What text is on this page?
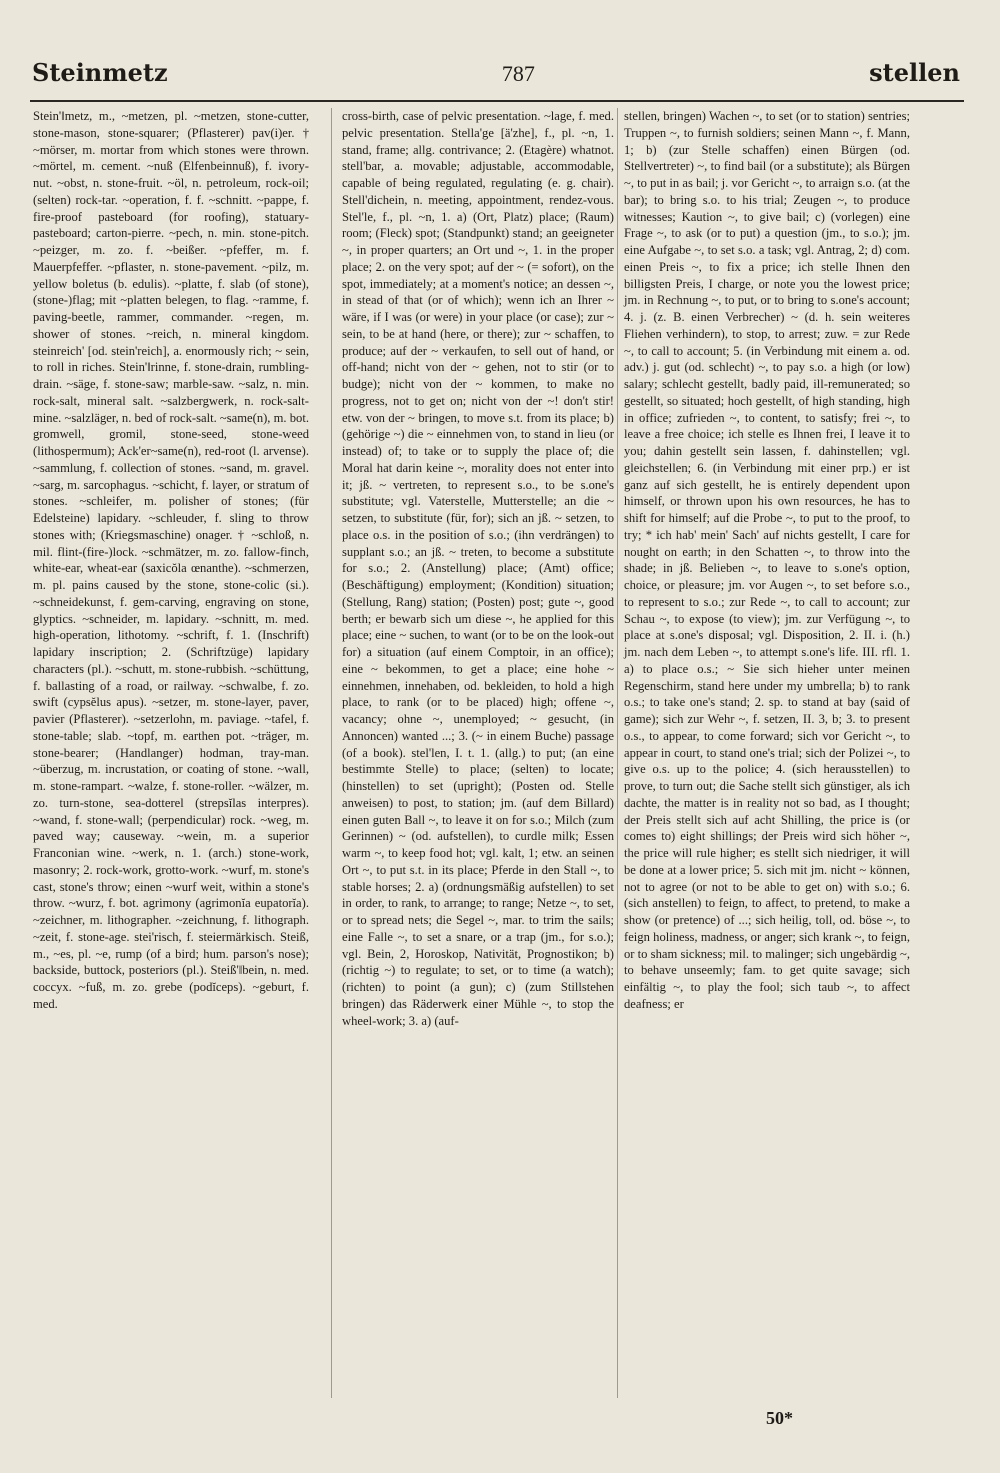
Steinmetz	787	stellen

Stein'‖metz, m., ~metzen, pl. ~metzen, stone-cutter, stone-mason, stone-squarer; (Pflasterer) pav(i)er. † ~mörser, m. mortar from which stones were thrown. ~mörtel, m. cement. ~nuß (Elfenbeinnuß), f. ivory-nut. ~obst, n. stone-fruit. ~öl, n. petroleum, rock-oil; (selten) rock-tar. ~operation, f. f. ~schnitt. ~pappe, f. fire-proof pasteboard (for roofing), statuary-pasteboard; carton-pierre. ~pech, n. min. stone-pitch. ~peizger, m. zo. f. ~beißer. ~pfeffer, m. f. Mauerpfeffer. ~pflaster, n. stone-pavement. ~pilz, m. yellow boletus (b. edulis). ~platte, f. slab (of stone), (stone-)flag; mit ~platten belegen, to flag. ~ramme, f. paving-beetle, rammer, commander. ~regen, m. shower of stones. ~reich, n. mineral kingdom. steinreich' [od. stein'reich], a. enormously rich; ~ sein, to roll in riches. Stein'‖rinne, f. stone-drain, rumbling-drain. ~säge, f. stone-saw; marble-saw. ~salz, n. min. rock-salt, mineral salt. ~salzbergwerk, n. rock-salt-mine. ~salzläger, n. bed of rock-salt. ~same(n), m. bot. gromwell, gromil, stone-seed, stone-weed (lithospermum); Ack'er~same(n), red-root (l. arvense). ~sammlung, f. collection of stones. ~sand, m. gravel. ~sarg, m. sarcophagus. ~schicht, f. layer, or stratum of stones. ~schleifer, m. polisher of stones; (für Edelsteine) lapidary. ~schleuder, f. sling to throw stones with; (Kriegsmaschine) onager. † ~schloß, n. mil. flint-(fire-)lock. ~schmätzer, m. zo. fallow-finch, white-ear, wheat-ear (saxicŏla œnanthe). ~schmerzen, m. pl. pains caused by the stone, stone-colic (si.). ~schneidekunst, f. gem-carving, engraving on stone, glyptics. ~schneider, m. lapidary. ~schnitt, m. med. high-operation, lithotomy. ~schrift, f. 1. (Inschrift) lapidary inscription; 2. (Schriftzüge) lapidary characters (pl.). ~schutt, m. stone-rubbish. ~schüttung, f. ballasting of a road, or railway. ~schwalbe, f. zo. swift (cypsĕlus apus). ~setzer, m. stone-layer, paver, pavier (Pflasterer). ~setzerlohn, m. paviage. ~tafel, f. stone-table; slab. ~topf, m. earthen pot. ~träger, m. stone-bearer; (Handlanger) hodman, tray-man. ~überzug, m. incrustation, or coating of stone. ~wall, m. stone-rampart. ~walze, f. stone-roller. ~wälzer, m. zo. turn-stone, sea-dotterel (strepsĭlas interpres). ~wand, f. stone-wall; (perpendicular) rock. ~weg, m. paved way; causeway. ~wein, m. a superior Franconian wine. ~werk, n. 1. (arch.) stone-work, masonry; 2. rock-work, grotto-work. ~wurf, m. stone's cast, stone's throw; einen ~wurf weit, within a stone's throw. ~wurz, f. bot. agrimony (agrimonĭa eupatorĭa). ~zeichner, m. lithographer. ~zeichnung, f. lithograph. ~zeit, f. stone-age. stei'risch, f. steiermärkisch. Steiß, m., ~es, pl. ~e, rump (of a bird; hum. parson's nose); backside, buttock, posteriors (pl.). Steiß'‖bein, n. med. coccyx. ~fuß, m. zo. grebe (podĭceps). ~geburt, f. med.

cross-birth, case of pelvic presentation. ~lage, f. med. pelvic presentation. Stella'ge [ä'zhe], f., pl. ~n, 1. stand, frame; allg. contrivance; 2. (Etagère) whatnot. stell'bar, a. movable; adjustable, accommodable, capable of being regulated, regulating (e. g. chair). Stell'dichein, n. meeting, appointment, rendez-vous. Stel'le, f., pl. ~n, 1. a) (Ort, Platz) place; (Raum) room; (Fleck) spot; (Standpunkt) stand; an geeigneter ~, in proper quarters; an Ort und ~, 1. in the proper place; 2. on the very spot; auf der ~ (= sofort), on the spot, immediately; at a moment's notice; an dessen ~, in stead of that (or of which); wenn ich an Ihrer ~ wäre, if I was (or were) in your place (or case); zur ~ sein, to be at hand (here, or there); zur ~ schaffen, to produce; auf der ~ verkaufen, to sell out of hand, or off-hand; nicht von der ~ gehen, not to stir (or to budge); nicht von der ~ kommen, to make no progress, not to get on; nicht von der ~! don't stir! etw. von der ~ bringen, to move s.t. from its place; b) (gehörige ~) die ~ einnehmen von, to stand in lieu (or instead) of; to take or to supply the place of; die Moral hat darin keine ~, morality does not enter into it; jß. ~ vertreten, to represent s.o., to be s.one's substitute; vgl. Vaterstelle, Mutterstelle; an die ~ setzen, to substitute (für, for); sich an jß. ~ setzen, to place o.s. in the position of s.o.; (ihn verdrängen) to supplant s.o.; an jß. ~ treten, to become a substitute for s.o.; 2. (Anstellung) place; (Amt) office; (Beschäftigung) employment; (Kondition) situation; (Stellung, Rang) station; (Posten) post; gute ~, good berth; er bewarb sich um diese ~, he applied for this place; eine ~ suchen, to want (or to be on the look-out for) a situation (auf einem Comptoir, in an office); eine ~ bekommen, to get a place; eine hohe ~ einnehmen, innehaben, od. bekleiden, to hold a high place, to rank (or to be placed) high; offene ~, vacancy; ohne ~, unemployed; ~ gesucht, (in Annoncen) wanted ...; 3. (~ in einem Buche) passage (of a book). stel'len, I. t. 1. (allg.) to put; (an eine bestimmte Stelle) to place; (selten) to locate; (hinstellen) to set (upright); (Posten od. Stelle anweisen) to post, to station; jm. (auf dem Billard) einen guten Ball ~, to leave it on for s.o.; Milch (zum Gerinnen) ~ (od. aufstellen), to curdle milk; Essen warm ~, to keep food hot; vgl. kalt, 1; etw. an seinen Ort ~, to put s.t. in its place; Pferde in den Stall ~, to stable horses; 2. a) (ordnungsmäßig aufstellen) to set in order, to rank, to arrange; to range; Netze ~, to set, or to spread nets; die Segel ~, mar. to trim the sails; eine Falle ~, to set a snare, or a trap (jm., for s.o.); vgl. Bein, 2, Horoskop, Nativität, Prognostikon; b) (richtig ~) to regulate; to set, or to time (a watch); (richten) to point (a gun); c) (zum Stillstehen bringen) das Räderwerk einer Mühle ~, to stop the wheel-work; 3. a) (auf-

stellen, bringen) Wachen ~, to set (or to station) sentries; Truppen ~, to furnish soldiers; seinen Mann ~, f. Mann, 1; b) (zur Stelle schaffen) einen Bürgen (od. Stellvertreter) ~, to find bail (or a substitute); als Bürgen ~, to put in as bail; j. vor Gericht ~, to arraign s.o. (at the bar); to bring s.o. to his trial; Zeugen ~, to produce witnesses; Kaution ~, to give bail; c) (vorlegen) eine Frage ~, to ask (or to put) a question (jm., to s.o.); jm. eine Aufgabe ~, to set s.o. a task; vgl. Antrag, 2; d) com. einen Preis ~, to fix a price; ich stelle Ihnen den billigsten Preis, I charge, or note you the lowest price; jm. in Rechnung ~, to put, or to bring to s.one's account; 4. j. (z. B. einen Verbrecher) ~ (d. h. sein weiteres Fliehen verhindern), to stop, to arrest; zuw. = zur Rede ~, to call to account; 5. (in Verbindung mit einem a. od. adv.) j. gut (od. schlecht) ~, to pay s.o. a high (or low) salary; schlecht gestellt, badly paid, ill-remunerated; so gestellt, so situated; hoch gestellt, of high standing, high in office; zufrieden ~, to content, to satisfy; frei ~, to leave a free choice; ich stelle es Ihnen frei, I leave it to you; dahin gestellt sein lassen, f. dahinstellen; vgl. gleichstellen; 6. (in Verbindung mit einer prp.) er ist ganz auf sich gestellt, he is entirely dependent upon himself, or thrown upon his own resources, he has to shift for himself; auf die Probe ~, to put to the proof, to try; * ich hab' mein' Sach' auf nichts gestellt, I care for nought on earth; in den Schatten ~, to throw into the shade; in jß. Belieben ~, to leave to s.one's option, choice, or pleasure; jm. vor Augen ~, to set before s.o., to represent to s.o.; zur Rede ~, to call to account; zur Schau ~, to expose (to view); jm. zur Verfügung ~, to place at s.one's disposal; vgl. Disposition, 2. II. i. (h.) jm. nach dem Leben ~, to attempt s.one's life. III. rfl. 1. a) to place o.s.; ~ Sie sich hieher unter meinen Regenschirm, stand here under my umbrella; b) to rank o.s.; to take one's stand; 2. sp. to stand at bay (said of game); sich zur Wehr ~, f. setzen, II. 3, b; 3. to present o.s., to appear, to come forward; sich vor Gericht ~, to appear in court, to stand one's trial; sich der Polizei ~, to give o.s. up to the police; 4. (sich herausstellen) to prove, to turn out; die Sache stellt sich günstiger, als ich dachte, the matter is in reality not so bad, as I thought; der Preis stellt sich auf acht Shilling, the price is (or comes to) eight shillings; der Preis wird sich höher ~, the price will rule higher; es stellt sich niedriger, it will be done at a lower price; 5. sich mit jm. nicht ~ können, not to agree (or not to be able to get on) with s.o.; 6. (sich anstellen) to feign, to affect, to pretend, to make a show (or pretence) of ...; sich heilig, toll, od. böse ~, to feign holiness, madness, or anger; sich krank ~, to feign, or to sham sickness; mil. to malinger; sich ungebärdig ~, to behave unseemly; fam. to get quite savage; sich einfältig ~, to play the fool; sich taub ~, to affect deafness; er

50*
